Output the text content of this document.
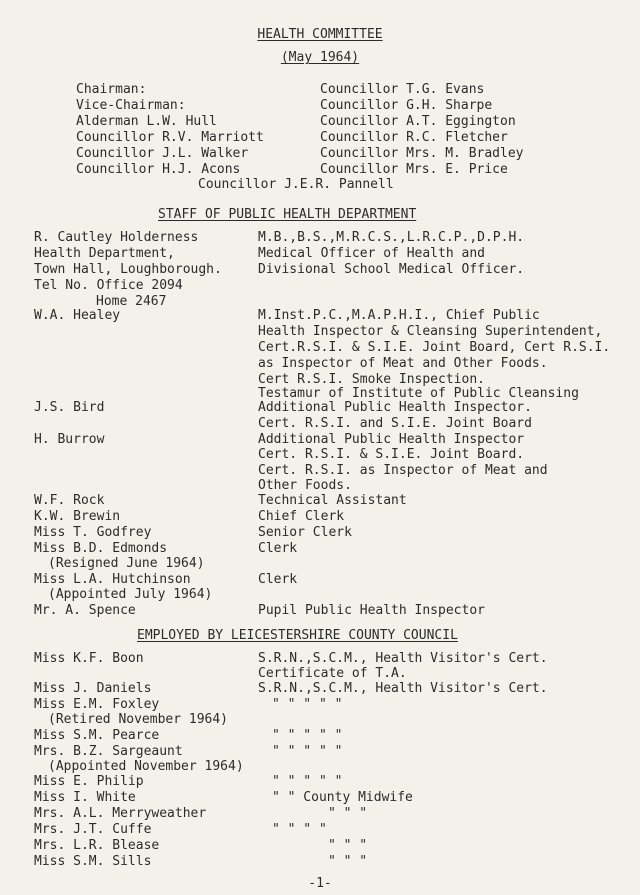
HEALTH COMMITTEE
(May 1964)
Chairman:
Vice-Chairman:
Alderman L.W. Hull
Councillor R.V. Marriott
Councillor J.L. Walker
Councillor H.J. Acons
Councillor T.G. Evans
Councillor G.H. Sharpe
Councillor A.T. Eggington
Councillor R.C. Fletcher
Councillor Mrs. M. Bradley
Councillor Mrs. E. Price
Councillor J.E.R. Pannell
STAFF OF PUBLIC HEALTH DEPARTMENT
R. Cautley Holderness
Health Department,
Town Hall, Loughborough.
Tel No. Office 2094
Home 2467
W.A. Healey
J.S. Bird
H. Burrow
W.F. Rock
K.W. Brewin
Miss T. Godfrey
Miss B.D. Edmonds
(Resigned June 1964)
Miss L.A. Hutchinson
(Appointed July 1964)
Mr. A. Spence
M.B.,B.S.,M.R.C.S.,L.R.C.P.,D.P.H.
Medical Officer of Health and
Divisional School Medical Officer.
M.Inst.P.C.,M.A.P.H.I., Chief Public
Health Inspector & Cleansing Superintendent,
Cert.R.S.I. & S.I.E. Joint Board, Cert R.S.I.
as Inspector of Meat and Other Foods.
Cert R.S.I. Smoke Inspection.
Testamur of Institute of Public Cleansing
Additional Public Health Inspector.
Cert. R.S.I. and S.I.E. Joint Board
Additional Public Health Inspector
Cert. R.S.I. & S.I.E. Joint Board.
Cert. R.S.I. as Inspector of Meat and
Other Foods.
Technical Assistant
Chief Clerk
Senior Clerk
Clerk
Clerk
Pupil Public Health Inspector
EMPLOYED BY LEICESTERSHIRE COUNTY COUNCIL
Miss K.F. Boon
Miss J. Daniels
Miss E.M. Foxley
(Retired November 1964)
Miss S.M. Pearce
Mrs. B.Z. Sargeaunt
(Appointed November 1964)
Miss E. Philip
Miss I. White
Mrs. A.L. Merryweather
Mrs. J.T. Cuffe
Mrs. L.R. Blease
Miss S.M. Sills
S.R.N.,S.C.M., Health Visitor's Cert.
Certificate of T.A.
S.R.N.,S.C.M., Health Visitor's Cert.
" " " " "
" " " " "
" " " " "
" " " " "
" " County Midwife
" " "
" " " "
" " "
" " "
-1-
